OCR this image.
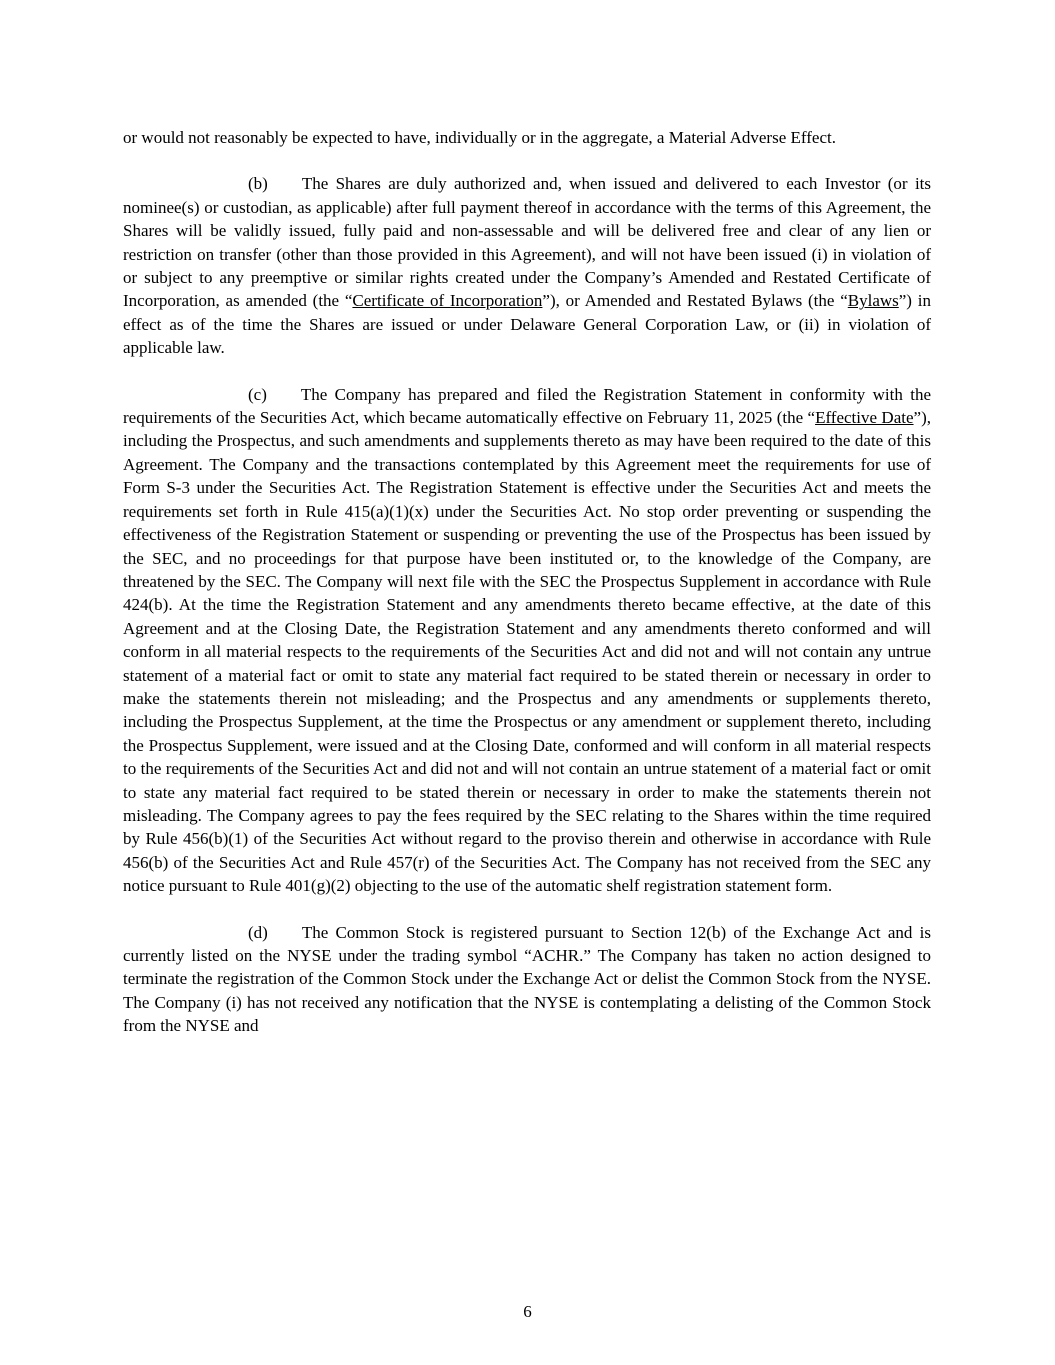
or would not reasonably be expected to have, individually or in the aggregate, a Material Adverse Effect.

(b) The Shares are duly authorized and, when issued and delivered to each Investor (or its nominee(s) or custodian, as applicable) after full payment thereof in accordance with the terms of this Agreement, the Shares will be validly issued, fully paid and non-assessable and will be delivered free and clear of any lien or restriction on transfer (other than those provided in this Agreement), and will not have been issued (i) in violation of or subject to any preemptive or similar rights created under the Company’s Amended and Restated Certificate of Incorporation, as amended (the “Certificate of Incorporation”), or Amended and Restated Bylaws (the “Bylaws”) in effect as of the time the Shares are issued or under Delaware General Corporation Law, or (ii) in violation of applicable law.

(c) The Company has prepared and filed the Registration Statement in conformity with the requirements of the Securities Act, which became automatically effective on February 11, 2025 (the “Effective Date”), including the Prospectus, and such amendments and supplements thereto as may have been required to the date of this Agreement. The Company and the transactions contemplated by this Agreement meet the requirements for use of Form S-3 under the Securities Act. The Registration Statement is effective under the Securities Act and meets the requirements set forth in Rule 415(a)(1)(x) under the Securities Act. No stop order preventing or suspending the effectiveness of the Registration Statement or suspending or preventing the use of the Prospectus has been issued by the SEC, and no proceedings for that purpose have been instituted or, to the knowledge of the Company, are threatened by the SEC. The Company will next file with the SEC the Prospectus Supplement in accordance with Rule 424(b). At the time the Registration Statement and any amendments thereto became effective, at the date of this Agreement and at the Closing Date, the Registration Statement and any amendments thereto conformed and will conform in all material respects to the requirements of the Securities Act and did not and will not contain any untrue statement of a material fact or omit to state any material fact required to be stated therein or necessary in order to make the statements therein not misleading; and the Prospectus and any amendments or supplements thereto, including the Prospectus Supplement, at the time the Prospectus or any amendment or supplement thereto, including the Prospectus Supplement, were issued and at the Closing Date, conformed and will conform in all material respects to the requirements of the Securities Act and did not and will not contain an untrue statement of a material fact or omit to state any material fact required to be stated therein or necessary in order to make the statements therein not misleading. The Company agrees to pay the fees required by the SEC relating to the Shares within the time required by Rule 456(b)(1) of the Securities Act without regard to the proviso therein and otherwise in accordance with Rule 456(b) of the Securities Act and Rule 457(r) of the Securities Act. The Company has not received from the SEC any notice pursuant to Rule 401(g)(2) objecting to the use of the automatic shelf registration statement form.

(d) The Common Stock is registered pursuant to Section 12(b) of the Exchange Act and is currently listed on the NYSE under the trading symbol “ACHR.” The Company has taken no action designed to terminate the registration of the Common Stock under the Exchange Act or delist the Common Stock from the NYSE. The Company (i) has not received any notification that the NYSE is contemplating a delisting of the Common Stock from the NYSE and

6
